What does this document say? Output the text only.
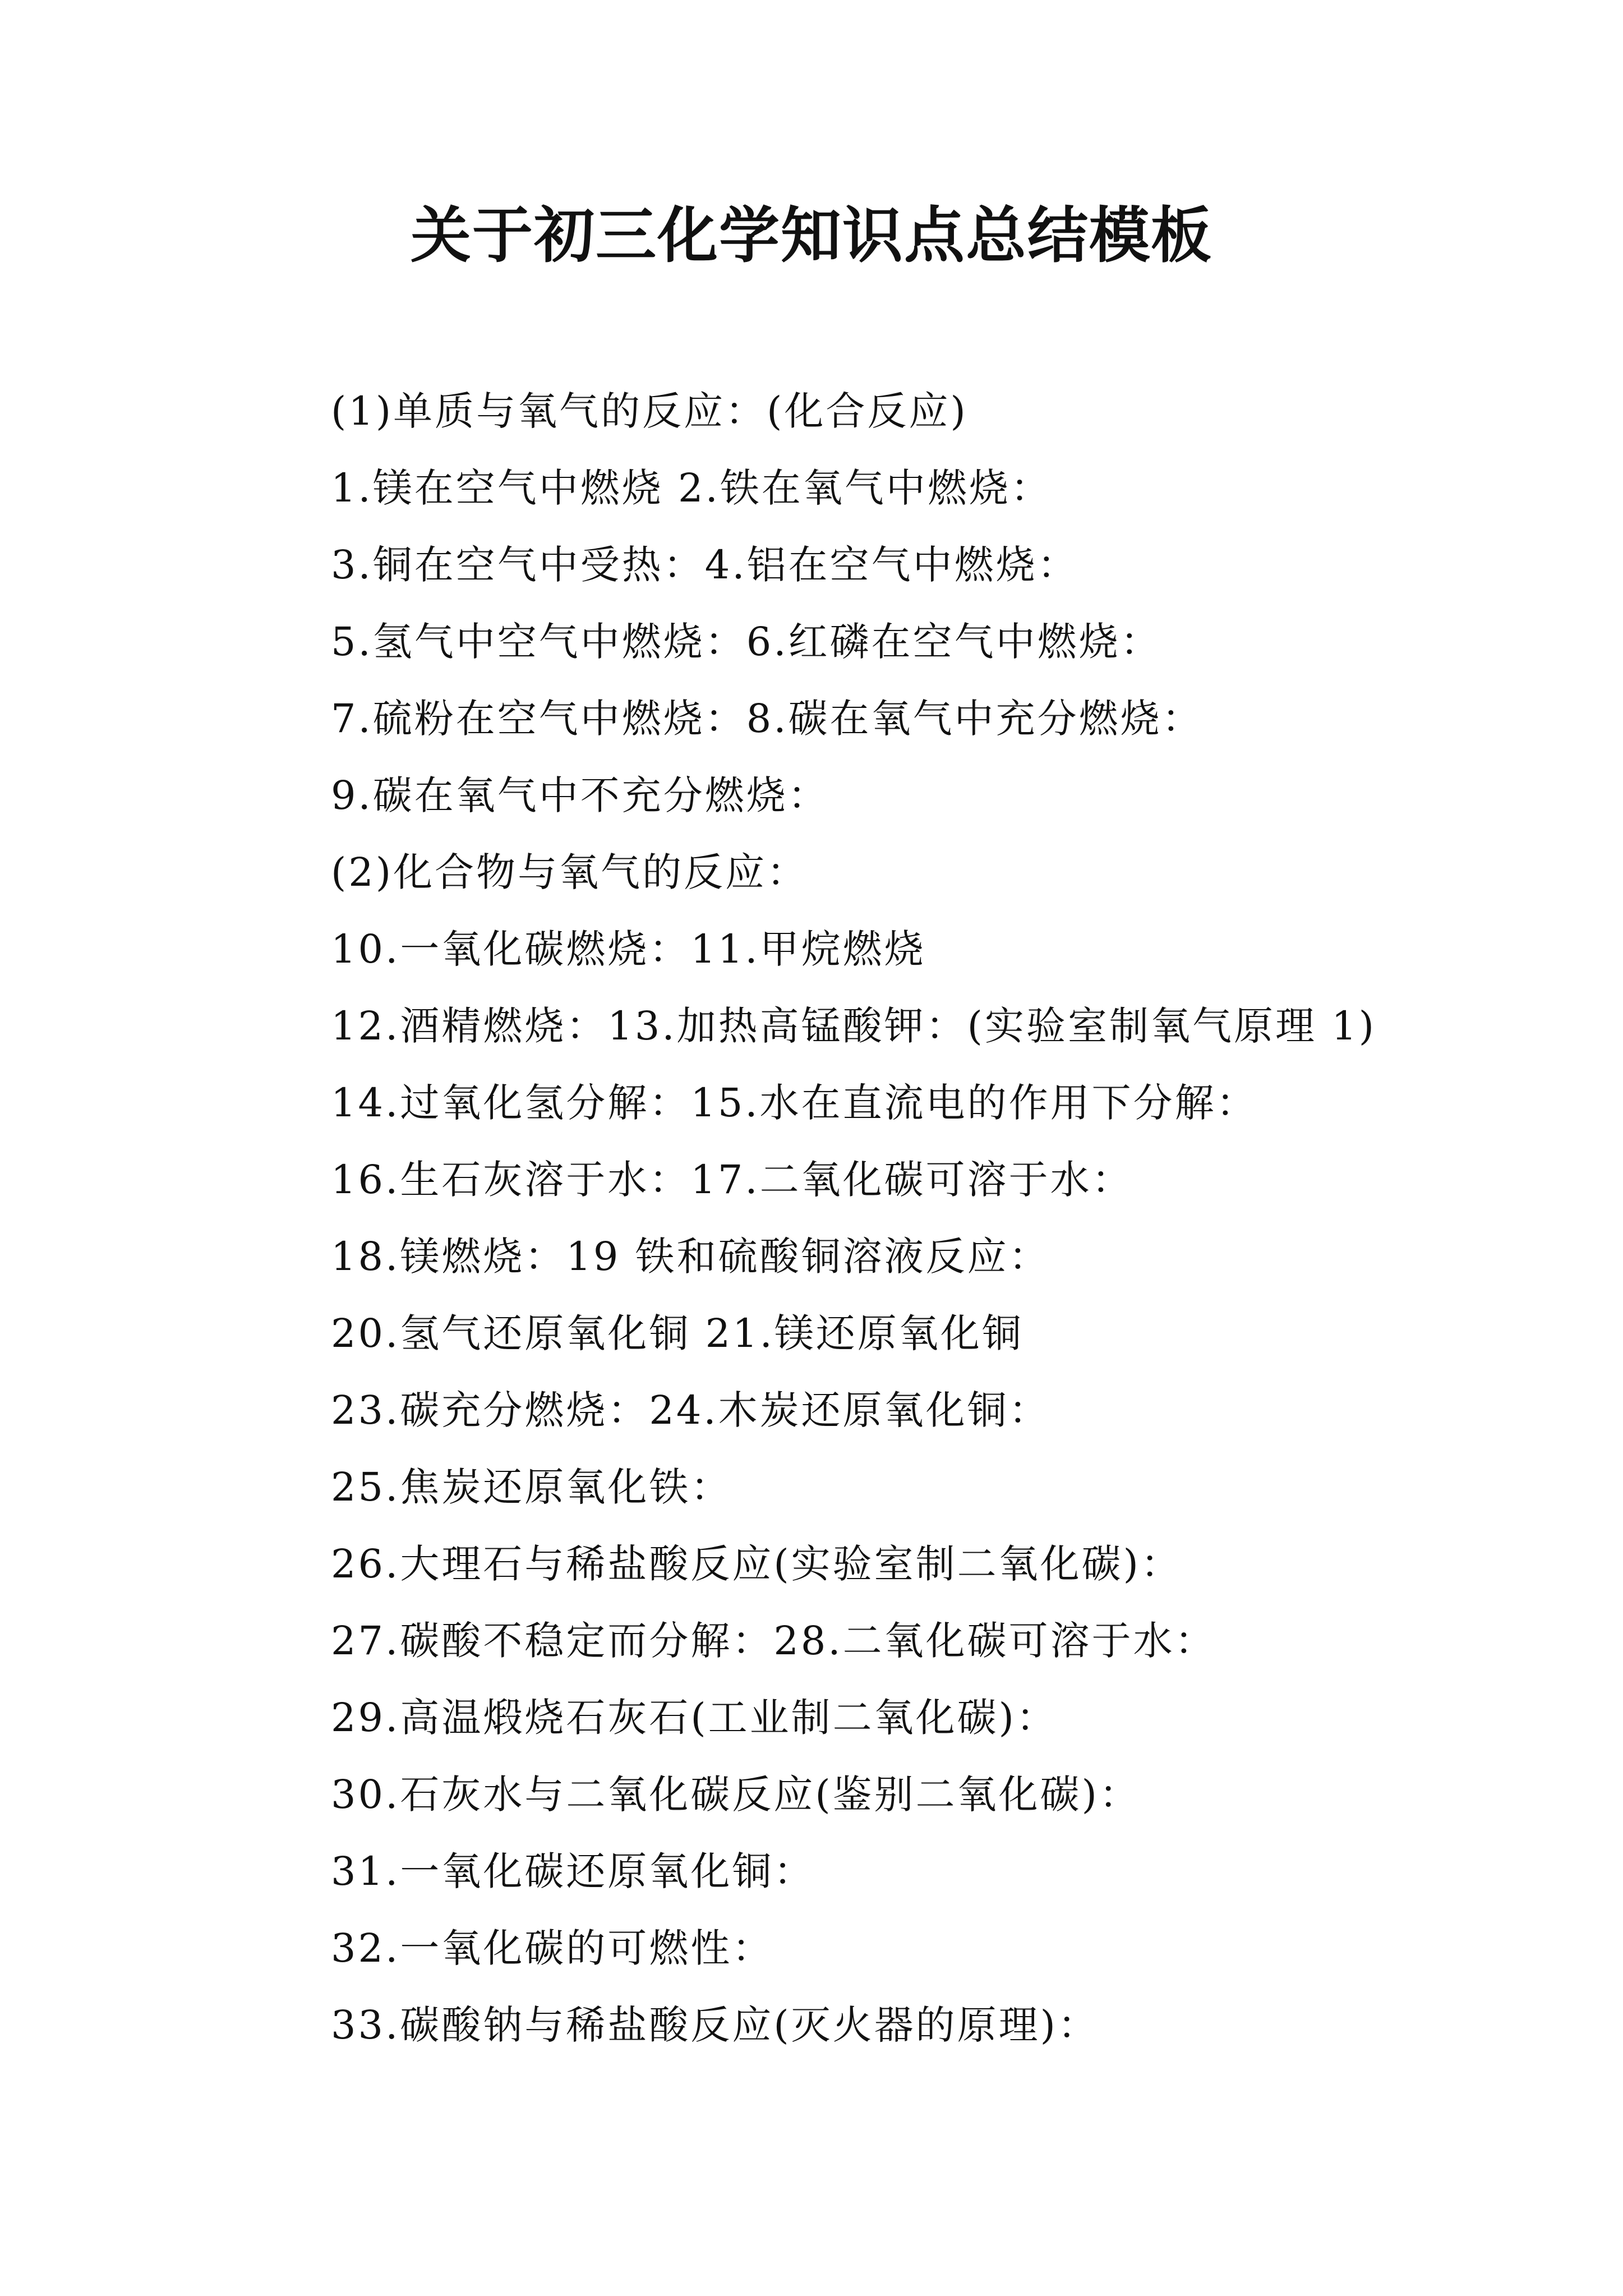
关于初三化学知识点总结模板
(1)单质与氧气的反应：(化合反应)
1.镁在空气中燃烧 2.铁在氧气中燃烧：
3.铜在空气中受热：4.铝在空气中燃烧：
5.氢气中空气中燃烧：6.红磷在空气中燃烧：
7.硫粉在空气中燃烧：8.碳在氧气中充分燃烧：
9.碳在氧气中不充分燃烧：
(2)化合物与氧气的反应：
10.一氧化碳燃烧：11.甲烷燃烧
12.酒精燃烧：13.加热高锰酸钾：(实验室制氧气原理 1)
14.过氧化氢分解：15.水在直流电的作用下分解：
16.生石灰溶于水：17.二氧化碳可溶于水：
18.镁燃烧：19 铁和硫酸铜溶液反应：
20.氢气还原氧化铜 21.镁还原氧化铜
23.碳充分燃烧：24.木炭还原氧化铜：
25.焦炭还原氧化铁：
26.大理石与稀盐酸反应(实验室制二氧化碳)：
27.碳酸不稳定而分解：28.二氧化碳可溶于水：
29.高温煅烧石灰石(工业制二氧化碳)：
30.石灰水与二氧化碳反应(鉴别二氧化碳)：
31.一氧化碳还原氧化铜：
32.一氧化碳的可燃性：
33.碳酸钠与稀盐酸反应(灭火器的原理)：
